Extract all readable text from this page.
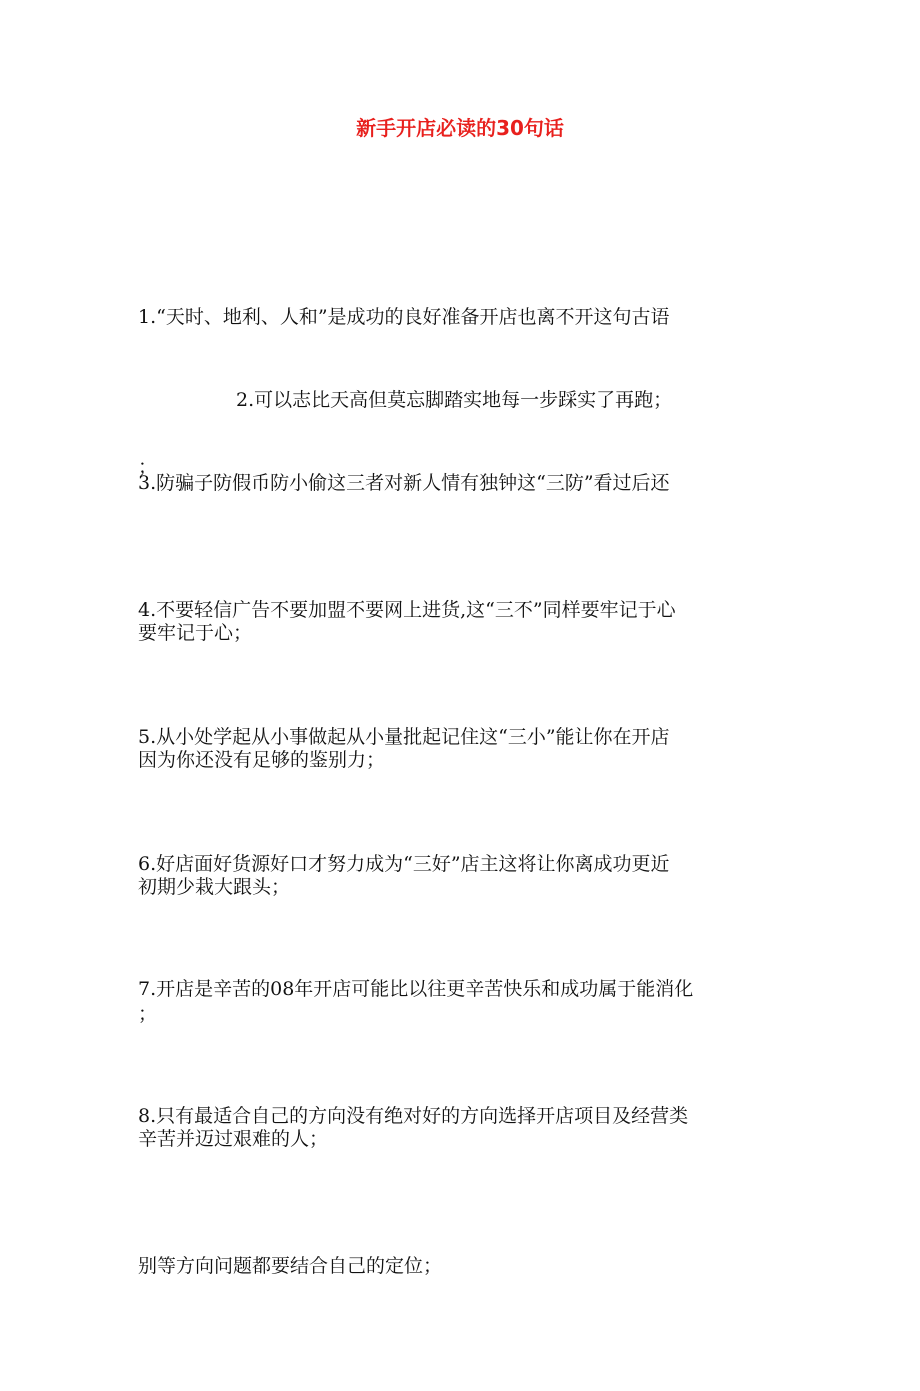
新手开店必读的30句话

1.“天时、地利、人和”是成功的良好准备开店也离不开这句古语

；

2.可以志比天高但莫忘脚踏实地每一步踩实了再跑；

3.防骗子防假币防小偷这三者对新人情有独钟这“三防”看过后还

要牢记于心；

4.不要轻信广告不要加盟不要网上进货,这“三不”同样要牢记于心

因为你还没有足够的鉴别力；

5.从小处学起从小事做起从小量批起记住这“三小”能让你在开店

初期少栽大跟头；

6.好店面好货源好口才努力成为“三好”店主这将让你离成功更近

；

7.开店是辛苦的08年开店可能比以往更辛苦快乐和成功属于能消化

辛苦并迈过艰难的人；

8.只有最适合自己的方向没有绝对好的方向选择开店项目及经营类

别等方向问题都要结合自己的定位；
